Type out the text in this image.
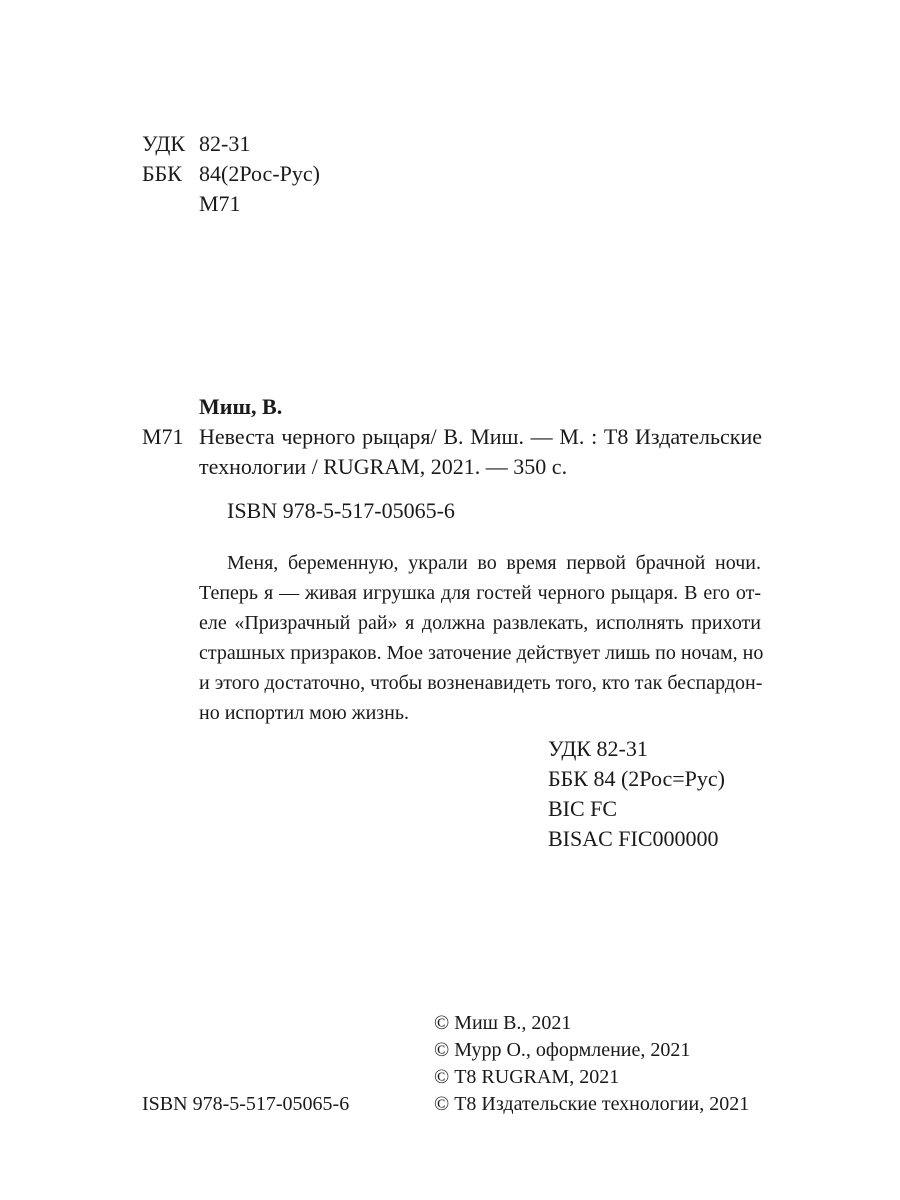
УДК 82-31
ББК 84(2Рос-Рус)
М71
Миш, В.
М71 Невеста черного рыцаря/ В. Миш. — М. : Т8 Издательские технологии / RUGRAM, 2021. — 350 с.
ISBN 978-5-517-05065-6
Меня, беременную, украли во время первой брачной ночи.
Теперь я — живая игрушка для гостей черного рыцаря. В его от-
еле «Призрачный рай» я должна развлекать, исполнять прихоти
страшных призраков. Мое заточение действует лишь по ночам, но
и этого достаточно, чтобы возненавидеть того, кто так беспардон-
но испортил мою жизнь.
УДК 82-31
ББК 84 (2Рос=Рус)
BIC FC
BISAC FIC000000
© Миш В., 2021
© Мурр О., оформление, 2021
© Т8 RUGRAM, 2021
© Т8 Издательские технологии, 2021
ISBN 978-5-517-05065-6
